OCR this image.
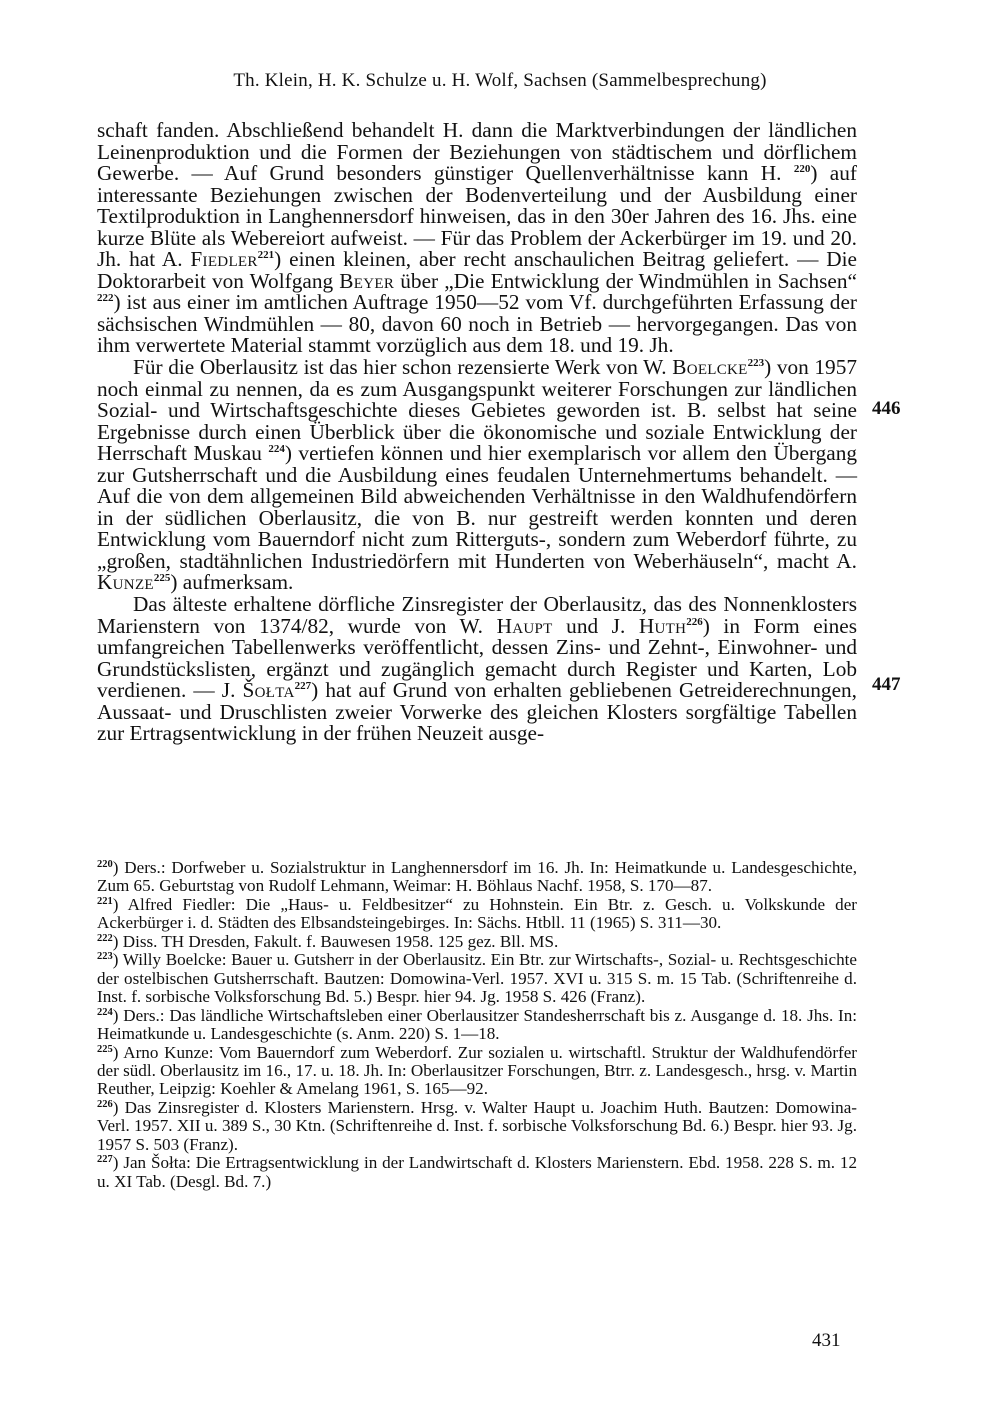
Th. Klein, H. K. Schulze u. H. Wolf, Sachsen (Sammelbesprechung)

schaft fanden. Abschließend behandelt H. dann die Marktverbindungen der ländlichen Leinenproduktion und die Formen der Beziehungen von städtischem und dörflichem Gewerbe. — Auf Grund besonders günstiger Quellenverhältnisse kann H. $^{220}$) auf interessante Beziehungen zwischen der Bodenverteilung und der Ausbildung einer Textilproduktion in Langhennersdorf hinweisen, das in den 30er Jahren des 16. Jhs. eine kurze Blüte als Webereiort aufweist. — Für das Problem der Ackerbürger im 19. und 20. Jh. hat A. Fiedler$^{221}$) einen kleinen, aber recht anschaulichen Beitrag geliefert. — Die Doktorarbeit von Wolfgang Beyer über „Die Entwicklung der Windmühlen in Sachsen“ $^{222}$) ist aus einer im amtlichen Auftrage 1950—52 vom Vf. durchgeführten Erfassung der sächsischen Windmühlen — 80, davon 60 noch in Betrieb — hervorgegangen. Das von ihm verwertete Material stammt vorzüglich aus dem 18. und 19. Jh.

Für die Oberlausitz ist das hier schon rezensierte Werk von W. Boelcke$^{223}$) von 1957 noch einmal zu nennen, da es zum Ausgangspunkt weiterer Forschungen zur ländlichen Sozial- und Wirtschaftsgeschichte dieses Gebietes geworden ist. B. selbst hat seine Ergebnisse durch einen Überblick über die ökonomische und soziale Entwicklung der Herrschaft Muskau $^{224}$) vertiefen können und hier exemplarisch vor allem den Übergang zur Gutsherrschaft und die Ausbildung eines feudalen Unternehmertums behandelt. — Auf die von dem allgemeinen Bild abweichenden Verhältnisse in den Waldhufendörfern in der südlichen Oberlausitz, die von B. nur gestreift werden konnten und deren Entwicklung vom Bauerndorf nicht zum Ritterguts-, sondern zum Weberdorf führte, zu „großen, stadtähnlichen Industriedörfern mit Hunderten von Weberhäuseln“, macht A. Kunze$^{225}$) aufmerksam.

Das älteste erhaltene dörfliche Zinsregister der Oberlausitz, das des Nonnenklosters Marienstern von 1374/82, wurde von W. Haupt und J. Huth$^{226}$) in Form eines umfangreichen Tabellenwerks veröffentlicht, dessen Zins- und Zehnt-, Einwohner- und Grundstückslisten, ergänzt und zugänglich gemacht durch Register und Karten, Lob verdienen. — J. Šołta$^{227}$) hat auf Grund von erhalten gebliebenen Getreiderechnungen, Aussaat- und Druschlisten zweier Vorwerke des gleichen Klosters sorgfältige Tabellen zur Ertragsentwicklung in der frühen Neuzeit ausge-

446
447

$^{220}$) Ders.: Dorfweber u. Sozialstruktur in Langhennersdorf im 16. Jh. In: Heimatkunde u. Landesgeschichte, Zum 65. Geburtstag von Rudolf Lehmann, Weimar: H. Böhlaus Nachf. 1958, S. 170—87.

$^{221}$) Alfred Fiedler: Die „Haus- u. Feldbesitzer“ zu Hohnstein. Ein Btr. z. Gesch. u. Volkskunde der Ackerbürger i. d. Städten des Elbsandsteingebirges. In: Sächs. Htbll. 11 (1965) S. 311—30.

$^{222}$) Diss. TH Dresden, Fakult. f. Bauwesen 1958. 125 gez. Bll. MS.

$^{223}$) Willy Boelcke: Bauer u. Gutsherr in der Oberlausitz. Ein Btr. zur Wirtschafts-, Sozial- u. Rechtsgeschichte der ostelbischen Gutsherrschaft. Bautzen: Domowina-Verl. 1957. XVI u. 315 S. m. 15 Tab. (Schriftenreihe d. Inst. f. sorbische Volksforschung Bd. 5.) Bespr. hier 94. Jg. 1958 S. 426 (Franz).

$^{224}$) Ders.: Das ländliche Wirtschaftsleben einer Oberlausitzer Standesherrschaft bis z. Ausgange d. 18. Jhs. In: Heimatkunde u. Landesgeschichte (s. Anm. 220) S. 1—18.

$^{225}$) Arno Kunze: Vom Bauerndorf zum Weberdorf. Zur sozialen u. wirtschaftl. Struktur der Waldhufendörfer der südl. Oberlausitz im 16., 17. u. 18. Jh. In: Oberlausitzer Forschungen, Btrr. z. Landesgesch., hrsg. v. Martin Reuther, Leipzig: Koehler & Amelang 1961, S. 165—92.

$^{226}$) Das Zinsregister d. Klosters Marienstern. Hrsg. v. Walter Haupt u. Joachim Huth. Bautzen: Domowina-Verl. 1957. XII u. 389 S., 30 Ktn. (Schriftenreihe d. Inst. f. sorbische Volksforschung Bd. 6.) Bespr. hier 93. Jg. 1957 S. 503 (Franz).

$^{227}$) Jan Šołta: Die Ertragsentwicklung in der Landwirtschaft d. Klosters Marienstern. Ebd. 1958. 228 S. m. 12 u. XI Tab. (Desgl. Bd. 7.)

431
